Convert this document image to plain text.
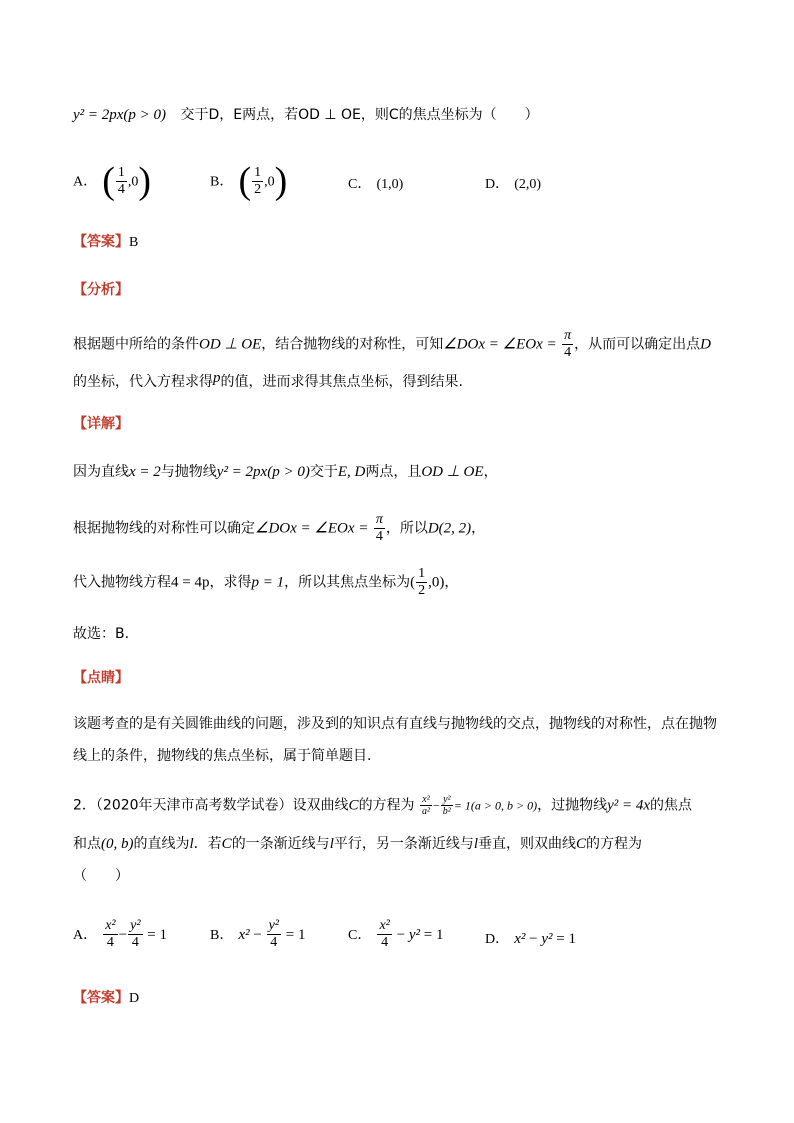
y² = 2px(p > 0) 交于D，E两点，若OD ⊥ OE，则C的焦点坐标为（　　）
A． ( $\frac{1}{4} ,0$)	B． ( $\frac{1}{2} ,0$)	C． (1,0)	D． (2,0)
【答案】B
【分析】
根据题中所给的条件OD ⊥ OE，结合抛物线的对称性，可知∠DOx = ∠EOx = $\frac{\pi}{4}$ ，从而可以确定出点D
的坐标，代入方程求得p的值，进而求得其焦点坐标，得到结果.
【详解】
因为直线x = 2与抛物线y² = 2px(p > 0)交于E, D两点，且OD ⊥ OE，
根据抛物线的对称性可以确定∠DOx = ∠EOx = $\frac{\pi}{4}$ ，所以D(2, 2)，
代入抛物线方程4 = 4p，求得p = 1，所以其焦点坐标为( $\frac{1}{2} ,0$)，
故选：B.
【点睛】
该题考查的是有关圆锥曲线的问题，涉及到的知识点有直线与抛物线的交点，抛物线的对称性，点在抛物
线上的条件，抛物线的焦点坐标，属于简单题目.
2．（2020年天津市高考数学试卷）设双曲线C的方程为 $\frac{\text{x²}}{\text{a²}} - \frac{\text{y²}}{\text{b²}} = 1(a > 0$, b > 0)，过抛物线y² = 4x的焦点
和点(0, b)的直线为l．若C的一条渐近线与l平行，另一条渐近线与l垂直，则双曲线C的方程为
（　　）
A． $\frac{\text{x²}}{4} - \frac{\text{y²}}{4} = 1$	B． $x^2 - \frac{\text{y²}}{4} = 1$	C． $\frac{\text{x²}}{4} - y^2 = 1$	D． x² − y² = 1
【答案】D
